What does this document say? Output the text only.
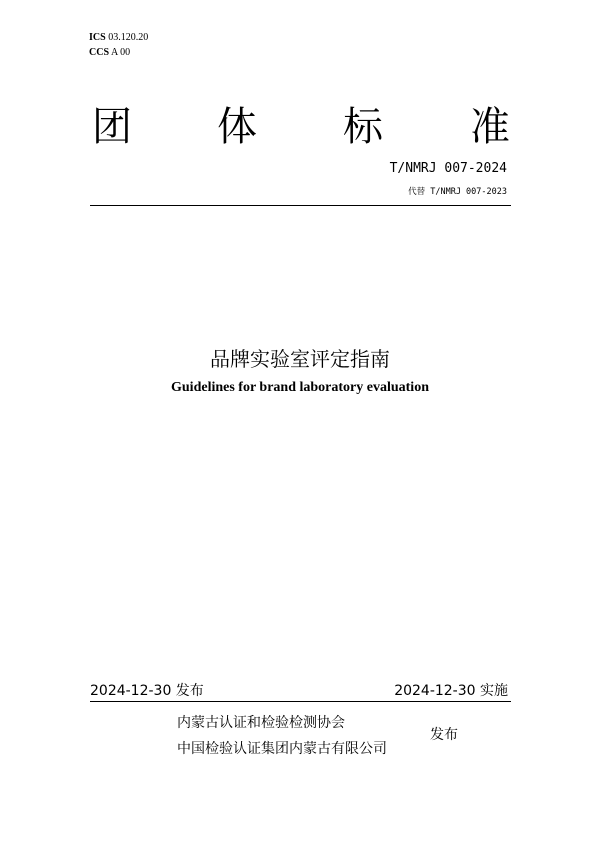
ICS 03.120.20
CCS A 00
团 体 标 准
T/NMRJ 007-2024
代替 T/NMRJ 007-2023
品牌实验室评定指南
Guidelines for brand laboratory evaluation
2024-12-30 发布	2024-12-30 实施
内蒙古认证和检验检测协会
中国检验认证集团内蒙古有限公司
发布
